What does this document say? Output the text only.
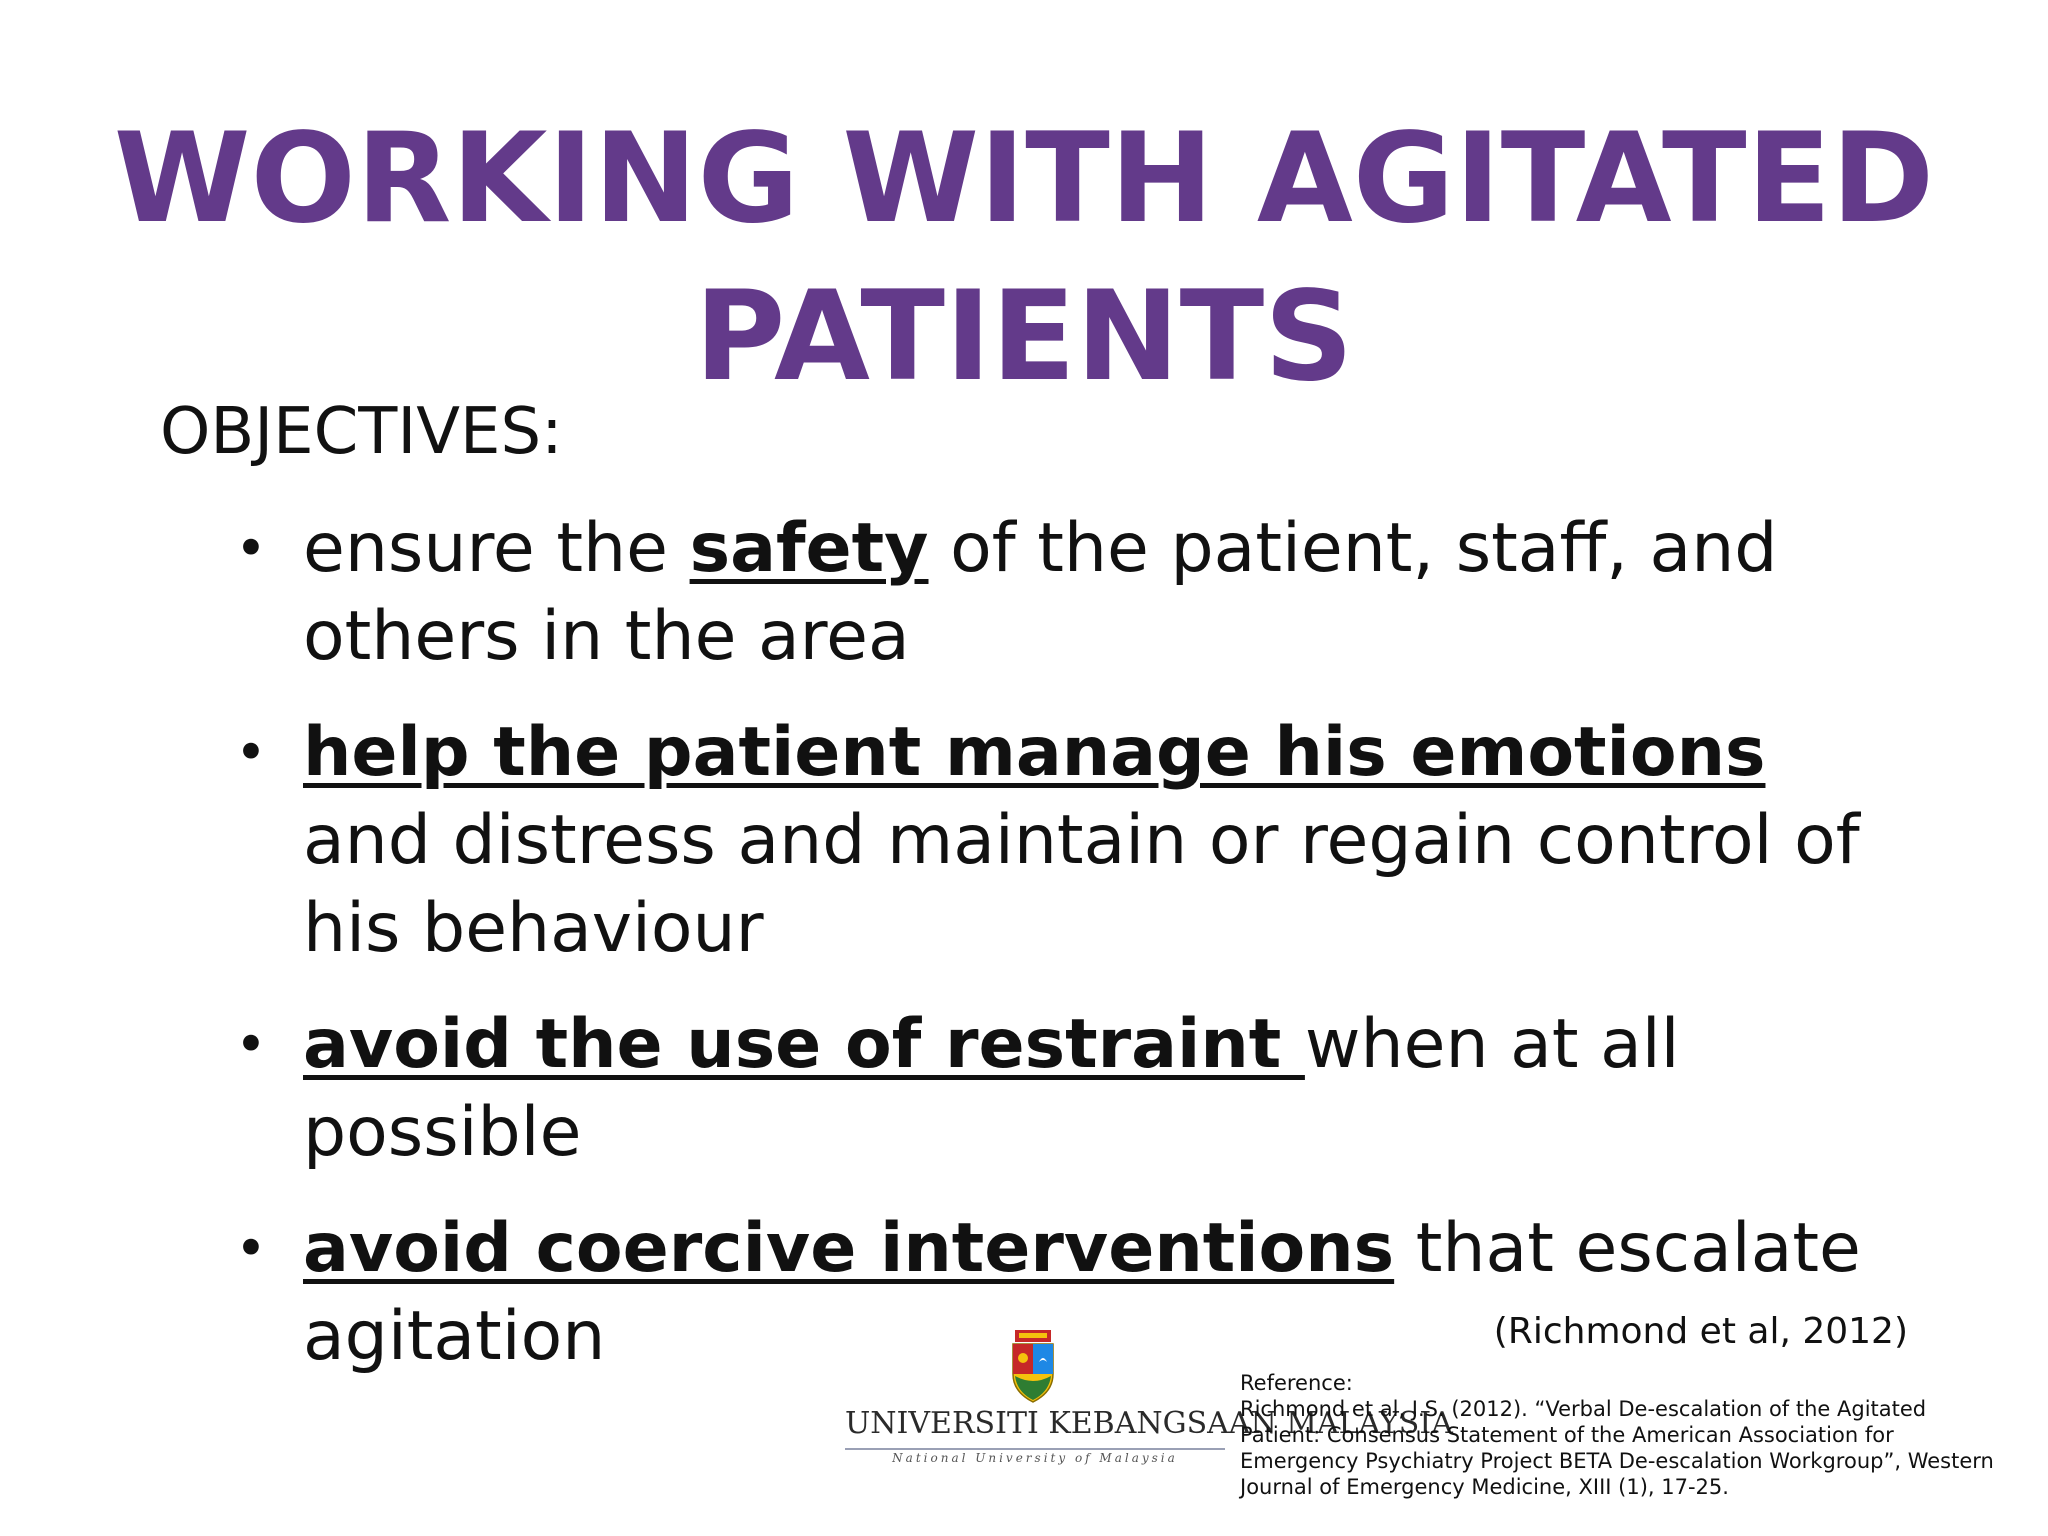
WORKING WITH AGITATED
PATIENTS
OBJECTIVES:
• ensure the safety of the patient, staff, and others in the area
• help the patient manage his emotions and distress and maintain or regain control of his behaviour
• avoid the use of restraint when at all possible
• avoid coercive interventions that escalate agitation	(Richmond et al, 2012)
UNIVERSITI KEBANGSAAN MALAYSIA
National University of Malaysia
Reference:
Richmond et al, J.S. (2012). “Verbal De-escalation of the Agitated
Patient: Consensus Statement of the American Association for
Emergency Psychiatry Project BETA De-escalation Workgroup”, Western
Journal of Emergency Medicine, XIII (1), 17-25.
